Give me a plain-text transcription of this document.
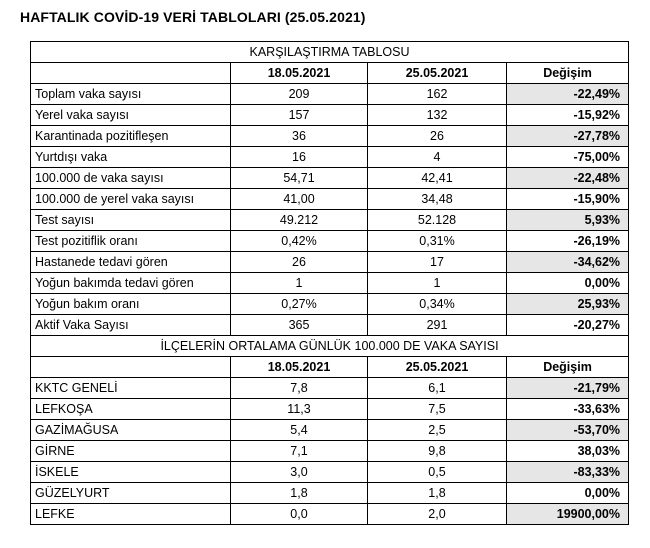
HAFTALIK COVİD-19 VERİ TABLOLARI (25.05.2021)
KARŞILAŞTIRMA TABLOSU			
	18.05.2021	25.05.2021	Değişim
Toplam vaka sayısı	209	162	-22,49%
Yerel vaka sayısı	157	132	-15,92%
Karantinada pozitifleşen	36	26	-27,78%
Yurtdışı vaka	16	4	-75,00%
100.000 de vaka sayısı	54,71	42,41	-22,48%
100.000 de yerel vaka sayısı	41,00	34,48	-15,90%
Test sayısı	49.212	52.128	5,93%
Test pozitiflik oranı	0,42%	0,31%	-26,19%
Hastanede tedavi gören	26	17	-34,62%
Yoğun bakımda tedavi gören	1	1	0,00%
Yoğun bakım oranı	0,27%	0,34%	25,93%
Aktif Vaka Sayısı	365	291	-20,27%
İLÇELERİN ORTALAMA GÜNLÜK 100.000 DE VAKA SAYISI			
	18.05.2021	25.05.2021	Değişim
KKTC GENELİ	7,8	6,1	-21,79%
LEFKOŞA	11,3	7,5	-33,63%
GAZİMAĞUSA	5,4	2,5	-53,70%
GİRNE	7,1	9,8	38,03%
İSKELE	3,0	0,5	-83,33%
GÜZELYURT	1,8	1,8	0,00%
LEFKE	0,0	2,0	19900,00%
